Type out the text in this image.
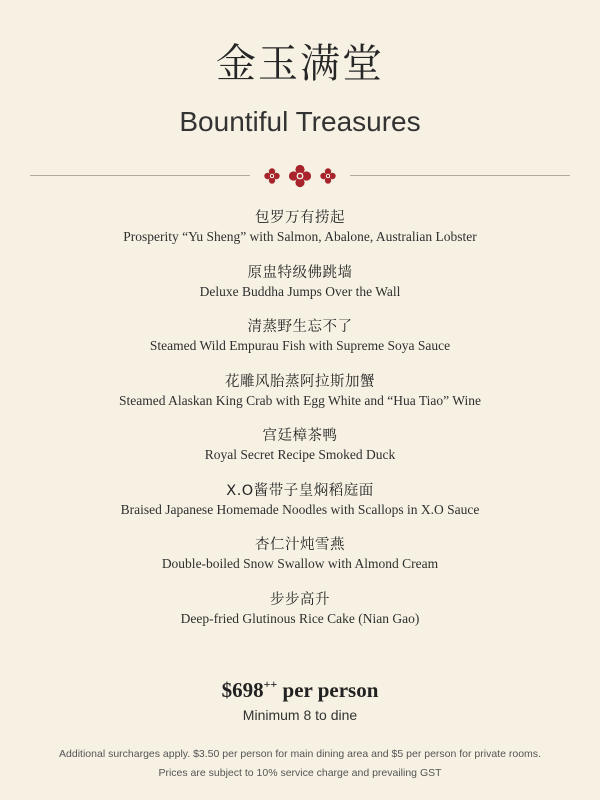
金玉满堂
Bountiful Treasures
包罗万有捞起
Prosperity “Yu Sheng” with Salmon, Abalone, Australian Lobster
原盅特级佛跳墙
Deluxe Buddha Jumps Over the Wall
清蒸野生忘不了
Steamed Wild Empurau Fish with Supreme Soya Sauce
花雕风胎蒸阿拉斯加蟹
Steamed Alaskan King Crab with Egg White and “Hua Tiao” Wine
宫廷樟茶鸭
Royal Secret Recipe Smoked Duck
X.O酱带子皇焖稻庭面
Braised Japanese Homemade Noodles with Scallops in X.O Sauce
杏仁汁炖雪燕
Double-boiled Snow Swallow with Almond Cream
步步高升
Deep-fried Glutinous Rice Cake (Nian Gao)
$698++ per person
Minimum 8 to dine
Additional surcharges apply. $3.50 per person for main dining area and $5 per person for private rooms.
Prices are subject to 10% service charge and prevailing GST
